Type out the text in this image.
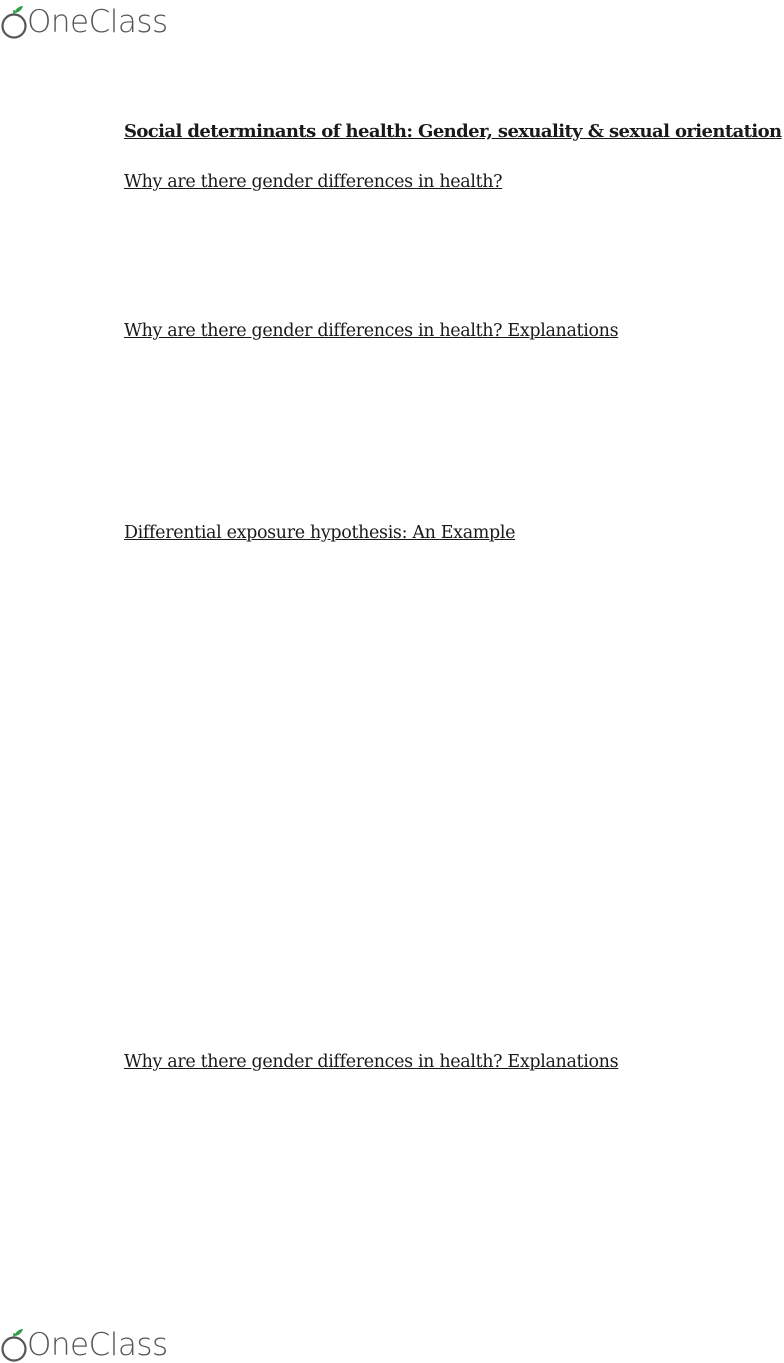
OneClass
Social determinants of health: Gender, sexuality & sexual orientation
Why are there gender differences in health?
Why are there gender differences in health? Explanations
Differential exposure hypothesis: An Example
Why are there gender differences in health? Explanations
OneClass
